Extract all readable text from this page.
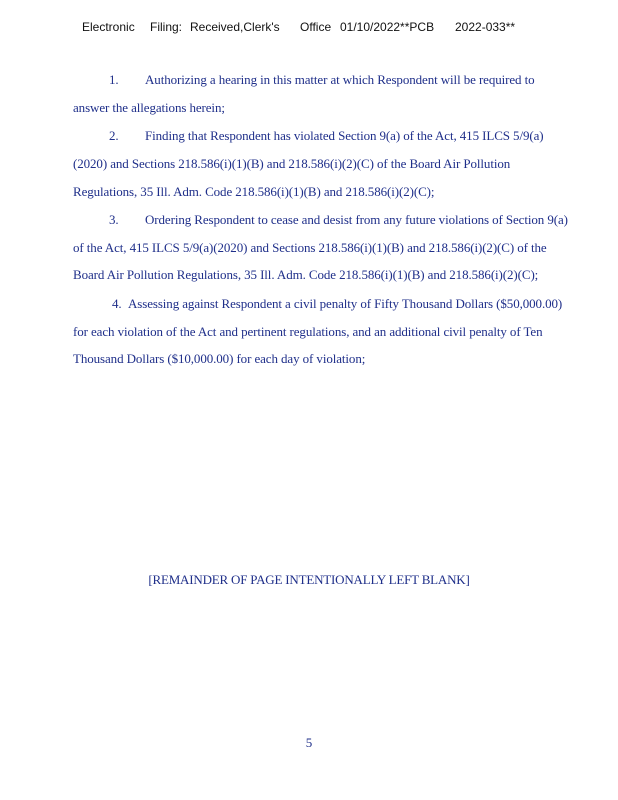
Electronic Filing: Received,Clerk's Office 01/10/2022**PCB 2022-033**
1. Authorizing a hearing in this matter at which Respondent will be required to
answer the allegations herein;
2. Finding that Respondent has violated Section 9(a) of the Act, 415 ILCS 5/9(a)
(2020) and Sections 218.586(i)(1)(B) and 218.586(i)(2)(C) of the Board Air Pollution
Regulations, 35 Ill. Adm. Code 218.586(i)(1)(B) and 218.586(i)(2)(C);
3. Ordering Respondent to cease and desist from any future violations of Section 9(a)
of the Act, 415 ILCS 5/9(a)(2020) and Sections 218.586(i)(1)(B) and 218.586(i)(2)(C) of the
Board Air Pollution Regulations, 35 Ill. Adm. Code 218.586(i)(1)(B) and 218.586(i)(2)(C);
4. Assessing against Respondent a civil penalty of Fifty Thousand Dollars ($50,000.00)
for each violation of the Act and pertinent regulations, and an additional civil penalty of Ten
Thousand Dollars ($10,000.00) for each day of violation;
[REMAINDER OF PAGE INTENTIONALLY LEFT BLANK]
5
